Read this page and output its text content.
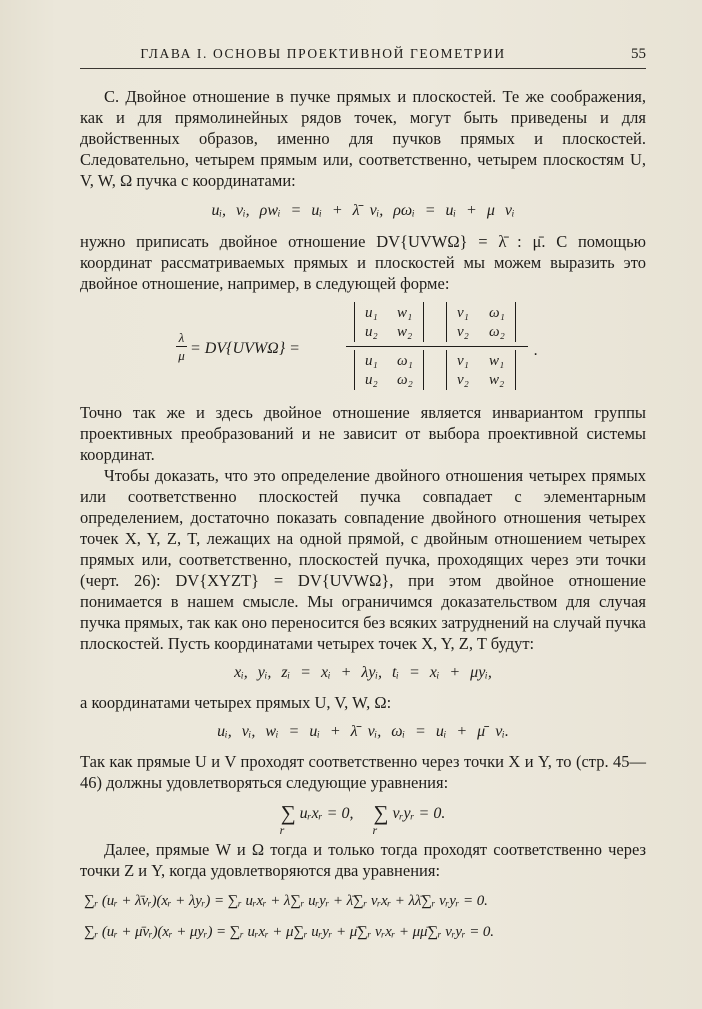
ГЛАВА I. ОСНОВЫ ПРОЕКТИВНОЙ ГЕОМЕТРИИ	55

C. Двойное отношение в пучке прямых и плоскостей. Те же соображения, как и для прямолинейных рядов точек, могут быть приведены и для двойственных образов, именно для пучков прямых и плоскостей. Следовательно, четырем прямым или, соответственно, четырем плоскостям U, V, W, Ω пучка с координатами:

uᵢ, vᵢ, ρwᵢ = uᵢ + λ̄ vᵢ, ρωᵢ = uᵢ + μ vᵢ

нужно приписать двойное отношение DV{UVWΩ} = λ̄ : μ̄. С помощью координат рассматриваемых прямых и плоскостей мы можем выразить это двойное отношение, например, в следующей форме:

λ
μ = DV{UVWΩ} =
u₁ w₁
u₂ w₂
v₁ ω₁
v₂ ω₂
u₁ ω₁
u₂ ω₂
v₁ w₁
v₂ w₂
.

Точно так же и здесь двойное отношение является инвариантом группы проективных преобразований и не зависит от выбора проективной системы координат.

Чтобы доказать, что это определение двойного отношения четырех прямых или соответственно плоскостей пучка совпадает с элементарным определением, достаточно показать совпадение двойного отношения четырех точек X, Y, Z, T, лежащих на одной прямой, с двойным отношением четырех прямых или, соответственно, плоскостей пучка, проходящих через эти точки (черт. 26): DV{XYZT} = DV{UVWΩ}, при этом двойное отношение понимается в нашем смысле. Мы ограничимся доказательством для случая пучка прямых, так как оно переносится без всяких затруднений на случай пучка плоскостей. Пусть координатами четырех точек X, Y, Z, T будут:

xᵢ, yᵢ, zᵢ = xᵢ + λyᵢ, tᵢ = xᵢ + μyᵢ,

а координатами четырех прямых U, V, W, Ω:

uᵢ, vᵢ, wᵢ = uᵢ + λ̄ vᵢ, ωᵢ = uᵢ + μ̄ vᵢ.

Так как прямые U и V проходят соответственно через точки X и Y, то (стр. 45—46) должны удовлетворяться следующие уравнения:

∑r uᵣxᵣ = 0, ∑r vᵣyᵣ = 0.

Далее, прямые W и Ω тогда и только тогда проходят соответственно через точки Z и Y, когда удовлетворяются два уравнения:

∑ᵣ (uᵣ + λ̄vᵣ)(xᵣ + λyᵣ) = ∑ᵣ uᵣxᵣ + λ∑ᵣ uᵣyᵣ + λ̄∑ᵣ vᵣxᵣ + λλ̄∑ᵣ vᵣyᵣ = 0.
∑ᵣ (uᵣ + μ̄vᵣ)(xᵣ + μyᵣ) = ∑ᵣ uᵣxᵣ + μ∑ᵣ uᵣyᵣ + μ̄∑ᵣ vᵣxᵣ + μμ̄∑ᵣ vᵣyᵣ = 0.
